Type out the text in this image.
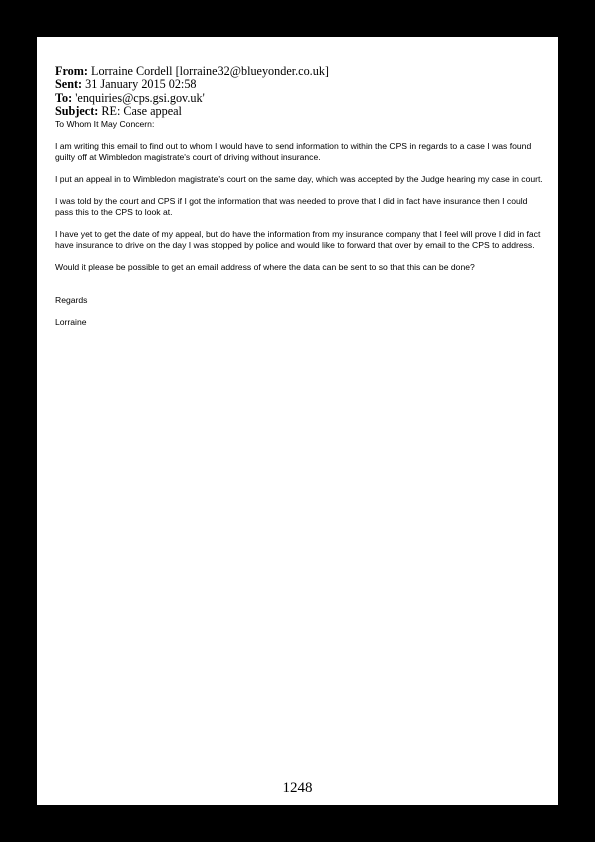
From: Lorraine Cordell [lorraine32@blueyonder.co.uk]
Sent: 31 January 2015 02:58
To: 'enquiries@cps.gsi.gov.uk'
Subject: RE: Case appeal

To Whom It May Concern:

I am writing this email to find out to whom I would have to send information to within the CPS in regards to a case I was found guilty off at Wimbledon magistrate's court of driving without insurance.

I put an appeal in to Wimbledon magistrate's court on the same day, which was accepted by the Judge hearing my case in court.

I was told by the court and CPS if I got the information that was needed to prove that I did in fact have insurance then I could pass this to the CPS to look at.

I have yet to get the date of my appeal, but do have the information from my insurance company that I feel will prove I did in fact have insurance to drive on the day I was stopped by police and would like to forward that over by email to the CPS to address.

Would it please be possible to get an email address of where the data can be sent to so that this can be done?

Regards

Lorraine

1248
